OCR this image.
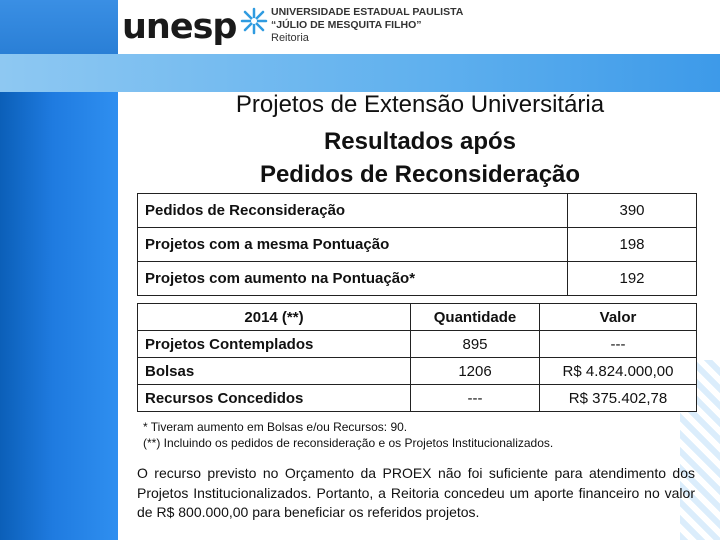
unesp	UNIVERSIDADE ESTADUAL PAULISTA
“JÚLIO DE MESQUITA FILHO”
Reitoria
Projetos de Extensão Universitária
Resultados após
Pedidos de Reconsideração
Pedidos de Reconsideração	390
Projetos com a mesma Pontuação	198
Projetos com aumento na Pontuação*	192
2014 (**)	Quantidade	Valor
Projetos Contemplados	895	---
Bolsas	1206	R$ 4.824.000,00
Recursos Concedidos	---	R$ 375.402,78
* Tiveram aumento em Bolsas e/ou Recursos: 90.
(**) Incluindo os pedidos de reconsideração e os Projetos Institucionalizados.
O recurso previsto no Orçamento da PROEX não foi suficiente para atendimento dos Projetos Institucionalizados. Portanto, a Reitoria concedeu um aporte financeiro no valor de R$ 800.000,00 para beneficiar os referidos projetos.
